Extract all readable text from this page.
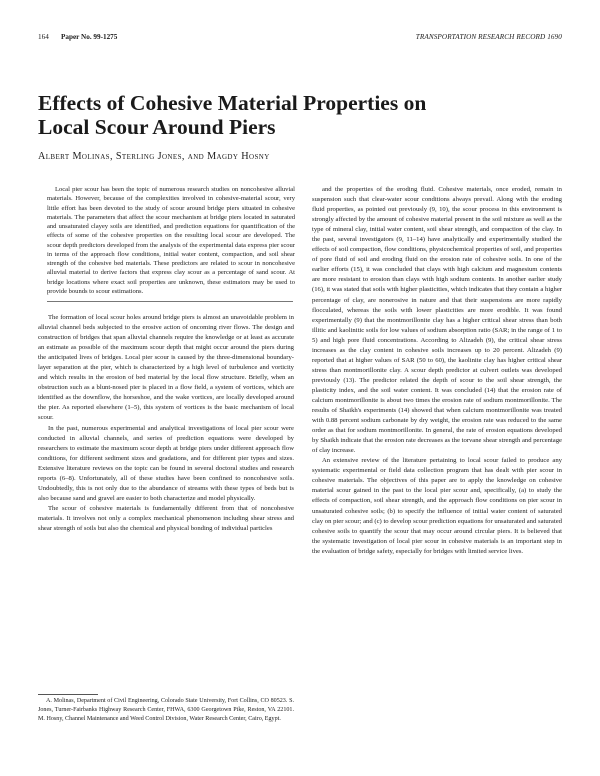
164 Paper No. 99-1275	TRANSPORTATION RESEARCH RECORD 1690
Effects of Cohesive Material Properties on
Local Scour Around Piers
Albert Molinas, Sterling Jones, and Magdy Hosny

Local pier scour has been the topic of numerous research studies on noncohesive alluvial materials. However, because of the complexities involved in cohesive-material scour, very little effort has been devoted to the study of scour around bridge piers situated in cohesive materials. The parameters that affect the scour mechanism at bridge piers located in saturated and unsaturated clayey soils are identified, and prediction equations for quantification of the effects of some of the cohesive properties on the resulting local scour are developed. The scour depth predictors developed from the analysis of the experimental data express pier scour in terms of the approach flow conditions, initial water content, compaction, and soil shear strength of the cohesive bed materials. These predictors are related to scour in noncohesive alluvial material to derive factors that express clay scour as a percentage of sand scour. At bridge locations where exact soil properties are unknown, these estimators may be used to provide bounds to scour estimations.

The formation of local scour holes around bridge piers is almost an unavoidable problem in alluvial channel beds subjected to the erosive action of oncoming river flows. The design and construction of bridges that span alluvial channels require the knowledge or at least as accurate an estimate as possible of the maximum scour depth that might occur around the piers during the anticipated lives of bridges. Local pier scour is caused by the three-dimensional boundary-layer separation at the pier, which is characterized by a high level of turbulence and vorticity and which results in the erosion of bed material by the local flow structure. Briefly, when an obstruction such as a blunt-nosed pier is placed in a flow field, a system of vortices, which are identified as the downflow, the horseshoe, and the wake vortices, are locally developed around the pier. As reported elsewhere (1–5), this system of vortices is the basic mechanism of local scour.

In the past, numerous experimental and analytical investigations of local pier scour were conducted in alluvial channels, and series of prediction equations were developed by researchers to estimate the maximum scour depth at bridge piers under different approach flow conditions, for different sediment sizes and gradations, and for different pier types and sizes. Extensive literature reviews on the topic can be found in several doctoral studies and research reports (6–8). Unfortunately, all of these studies have been confined to noncohesive soils. Undoubtedly, this is not only due to the abundance of streams with these types of beds but is also because sand and gravel are easier to both characterize and model physically.

The scour of cohesive materials is fundamentally different from that of noncohesive materials. It involves not only a complex mechanical phenomenon including shear stress and shear strength of soils but also the chemical and physical bonding of individual particles

and the properties of the eroding fluid. Cohesive materials, once eroded, remain in suspension such that clear-water scour conditions always prevail. Along with the eroding fluid properties, as pointed out previously (9, 10), the scour process in this environment is strongly affected by the amount of cohesive material present in the soil mixture as well as the type of mineral clay, initial water content, soil shear strength, and compaction of the clay. In the past, several investigators (9, 11–14) have analytically and experimentally studied the effects of soil compaction, flow conditions, physicochemical properties of soil, and properties of pore fluid of soil and eroding fluid on the erosion rate of cohesive soils. In one of the earlier efforts (15), it was concluded that clays with high calcium and magnesium contents are more resistant to erosion than clays with high sodium contents. In another earlier study (16), it was stated that soils with higher plasticities, which indicates that they contain a higher percentage of clay, are nonerosive in nature and that their suspensions are more rapidly flocculated, whereas the soils with lower plasticities are more erodible. It was found experimentally (9) that the montmorillonite clay has a higher critical shear stress than both illitic and kaolinitic soils for low values of sodium absorption ratio (SAR; in the range of 1 to 5) and high pore fluid concentrations. According to Alizadeh (9), the critical shear stress increases as the clay content in cohesive soils increases up to 20 percent. Alizadeh (9) reported that at higher values of SAR (50 to 60), the kaolinite clay has higher critical shear stress than montmorillonite clay. A scour depth predictor at culvert outlets was developed previously (13). The predictor related the depth of scour to the soil shear strength, the plasticity index, and the soil water content. It was concluded (14) that the erosion rate of calcium montmorillonite is about two times the erosion rate of sodium montmorillonite. The results of Shaikh's experiments (14) showed that when calcium montmorillonite was treated with 0.88 percent sodium carbonate by dry weight, the erosion rate was reduced to the same order as that for sodium montmorillonite. In general, the rate of erosion equations developed by Shaikh indicate that the erosion rate decreases as the torvane shear strength and percentage of clay increase.

An extensive review of the literature pertaining to local scour failed to produce any systematic experimental or field data collection program that has dealt with pier scour in cohesive materials. The objectives of this paper are to apply the knowledge on cohesive material scour gained in the past to the local pier scour and, specifically, (a) to study the effects of compaction, soil shear strength, and the approach flow conditions on pier scour in unsaturated cohesive soils; (b) to specify the influence of initial water content of saturated clay on pier scour; and (c) to develop scour prediction equations for unsaturated and saturated cohesive soils to quantify the scour that may occur around circular piers. It is believed that the systematic investigation of local pier scour in cohesive materials is an important step in the evaluation of bridge safety, especially for bridges with limited service lives.

A. Molinas, Department of Civil Engineering, Colorado State University, Fort Collins, CO 80523. S. Jones, Turner-Fairbanks Highway Research Center, FHWA, 6300 Georgetown Pike, Reston, VA 22101. M. Hosny, Channel Maintenance and Weed Control Division, Water Research Center, Cairo, Egypt.
